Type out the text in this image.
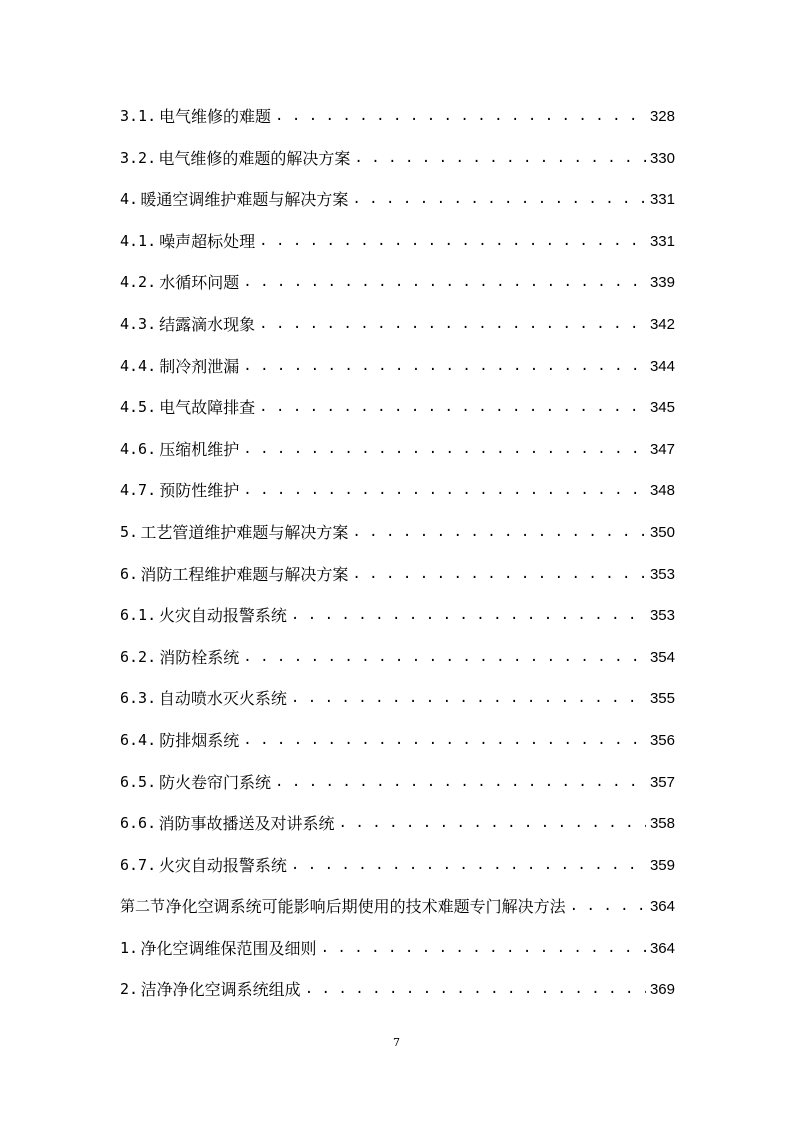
3.1. 电气维修的难题 . . .	328
3.2. 电气维修的难题的解决方案 . . .	330
4. 暖通空调维护难题与解决方案 . . .	331
4.1. 噪声超标处理 . . .	331
4.2. 水循环问题 . . .	339
4.3. 结露滴水现象 . . .	342
4.4. 制冷剂泄漏 . . .	344
4.5. 电气故障排查 . . .	345
4.6. 压缩机维护 . . .	347
4.7. 预防性维护 . . .	348
5. 工艺管道维护难题与解决方案 . . .	350
6. 消防工程维护难题与解决方案 . . .	353
6.1. 火灾自动报警系统 . . .	353
6.2. 消防栓系统 . . .	354
6.3. 自动喷水灭火系统 . . .	355
6.4. 防排烟系统 . . .	356
6.5. 防火卷帘门系统 . . .	357
6.6. 消防事故播送及对讲系统 . . .	358
6.7. 火灾自动报警系统 . . .	359
第二节 净化空调系统可能影响后期使用的技术难题专门解决方法 . . .	364
1. 净化空调维保范围及细则 . . .	364
2. 洁净净化空调系统组成 . . .	369
7
